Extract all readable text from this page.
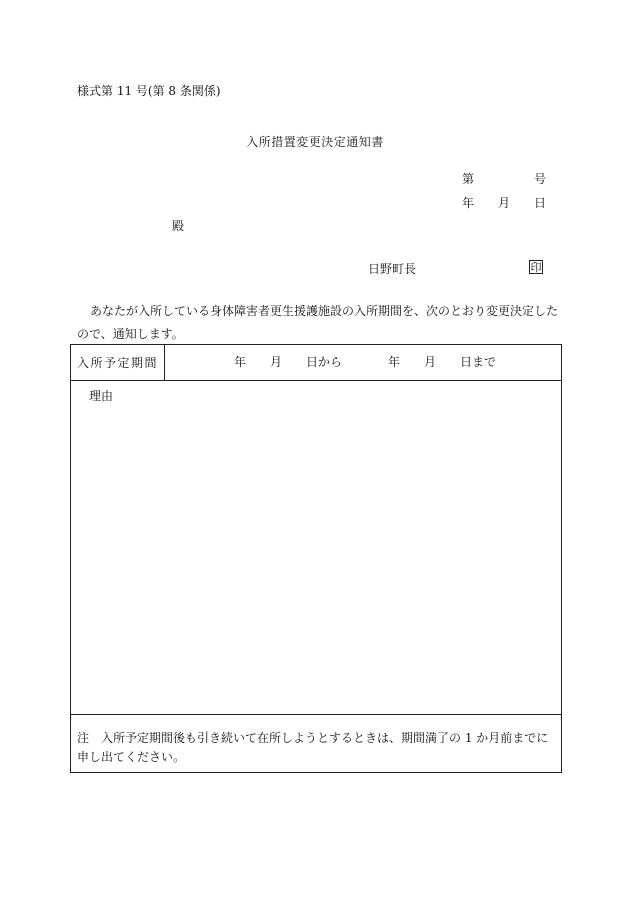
様式第 11 号(第 8 条関係)
入所措置変更決定通知書
第	号
年 月 日
殿
日野町長	印
あなたが入所している身体障害者更生援護施設の入所期間を、次のとおり変更決定したので、通知します。
入所予定期間	年 月 日から	年 月 日まで
理由
注　入所予定期間後も引き続いて在所しようとするときは、期間満了の 1 か月前までに申し出てください。
